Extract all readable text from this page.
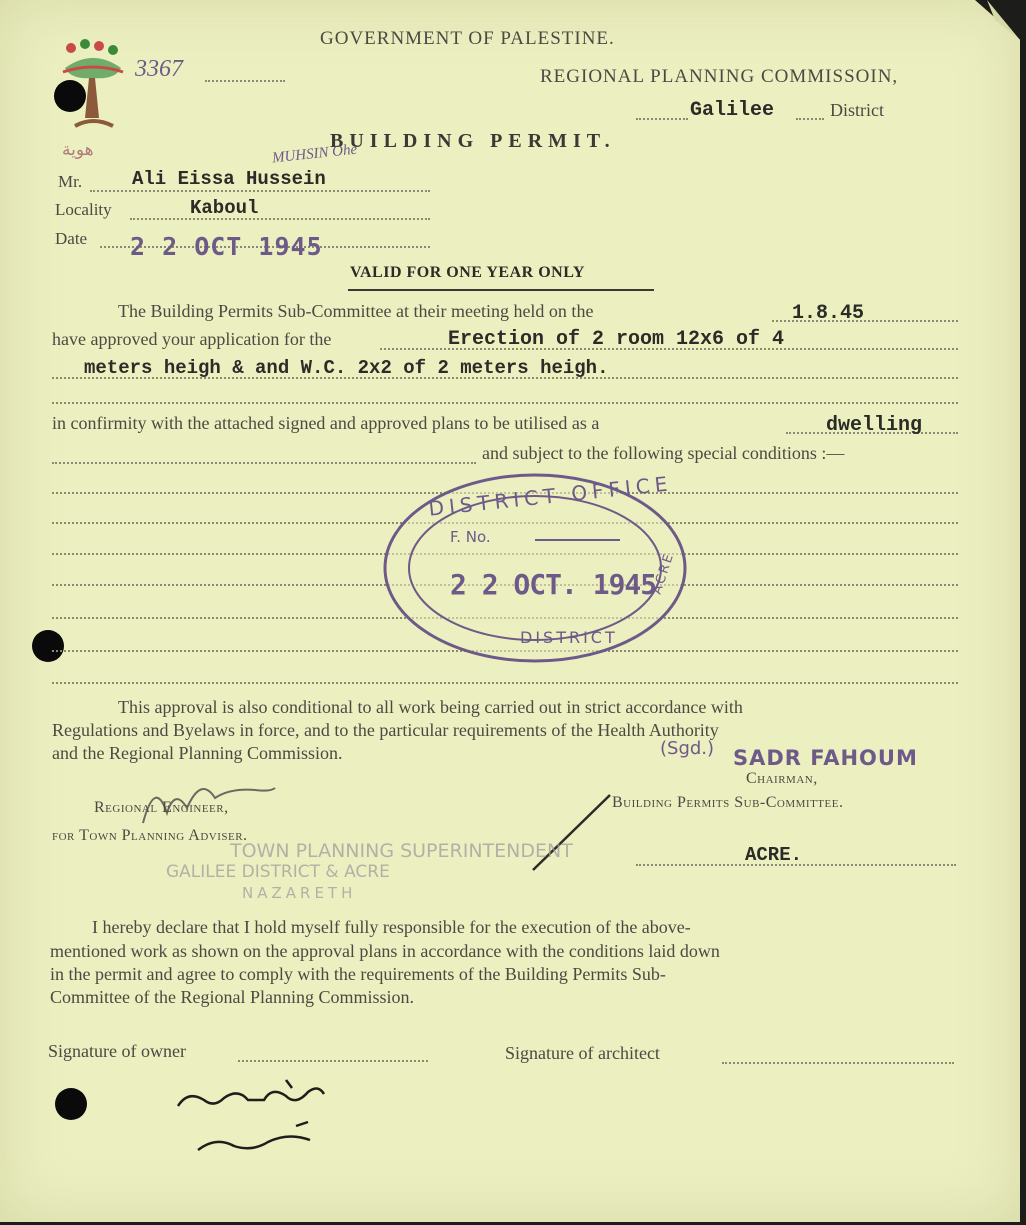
هوية
3367
GOVERNMENT OF PALESTINE.
REGIONAL PLANNING COMMISSOIN,
Galilee	District
BUILDING PERMIT.
MUHSIN Ohe
Mr.	Ali Eissa Hussein
Locality	Kaboul
Date 2 2 OCT 1945
VALID FOR ONE YEAR ONLY
The Building Permits Sub-Committee at their meeting held on the	1.8.45
have approved your application for the	Erection of 2 room 12x6 of 4
meters heigh & and W.C. 2x2 of 2 meters heigh.
in confirmity with the attached signed and approved plans to be utilised as a	dwelling
and subject to the following special conditions :—
DISTRICT OFFICE
ACRE
F. No.
2 2 OCT. 1945
DISTRICT
This approval is also conditional to all work being carried out in strict accordance with
Regulations and Byelaws in force, and to the particular requirements of the Health Authority
and the Regional Planning Commission.	(Sgd.) SADR FAHOUM
Chairman,
Building Permits Sub-Committee.
ACRE.
Regional Engineer,
for Town Planning Adviser.
TOWN PLANNING SUPERINTENDENT
GALILEE DISTRICT & ACRE
NAZARETH
I hereby declare that I hold myself fully responsible for the execution of the above-
mentioned work as shown on the approval plans in accordance with the conditions laid down
in the permit and agree to comply with the requirements of the Building Permits Sub-
Committee of the Regional Planning Commission.
Signature of owner	Signature of architect
